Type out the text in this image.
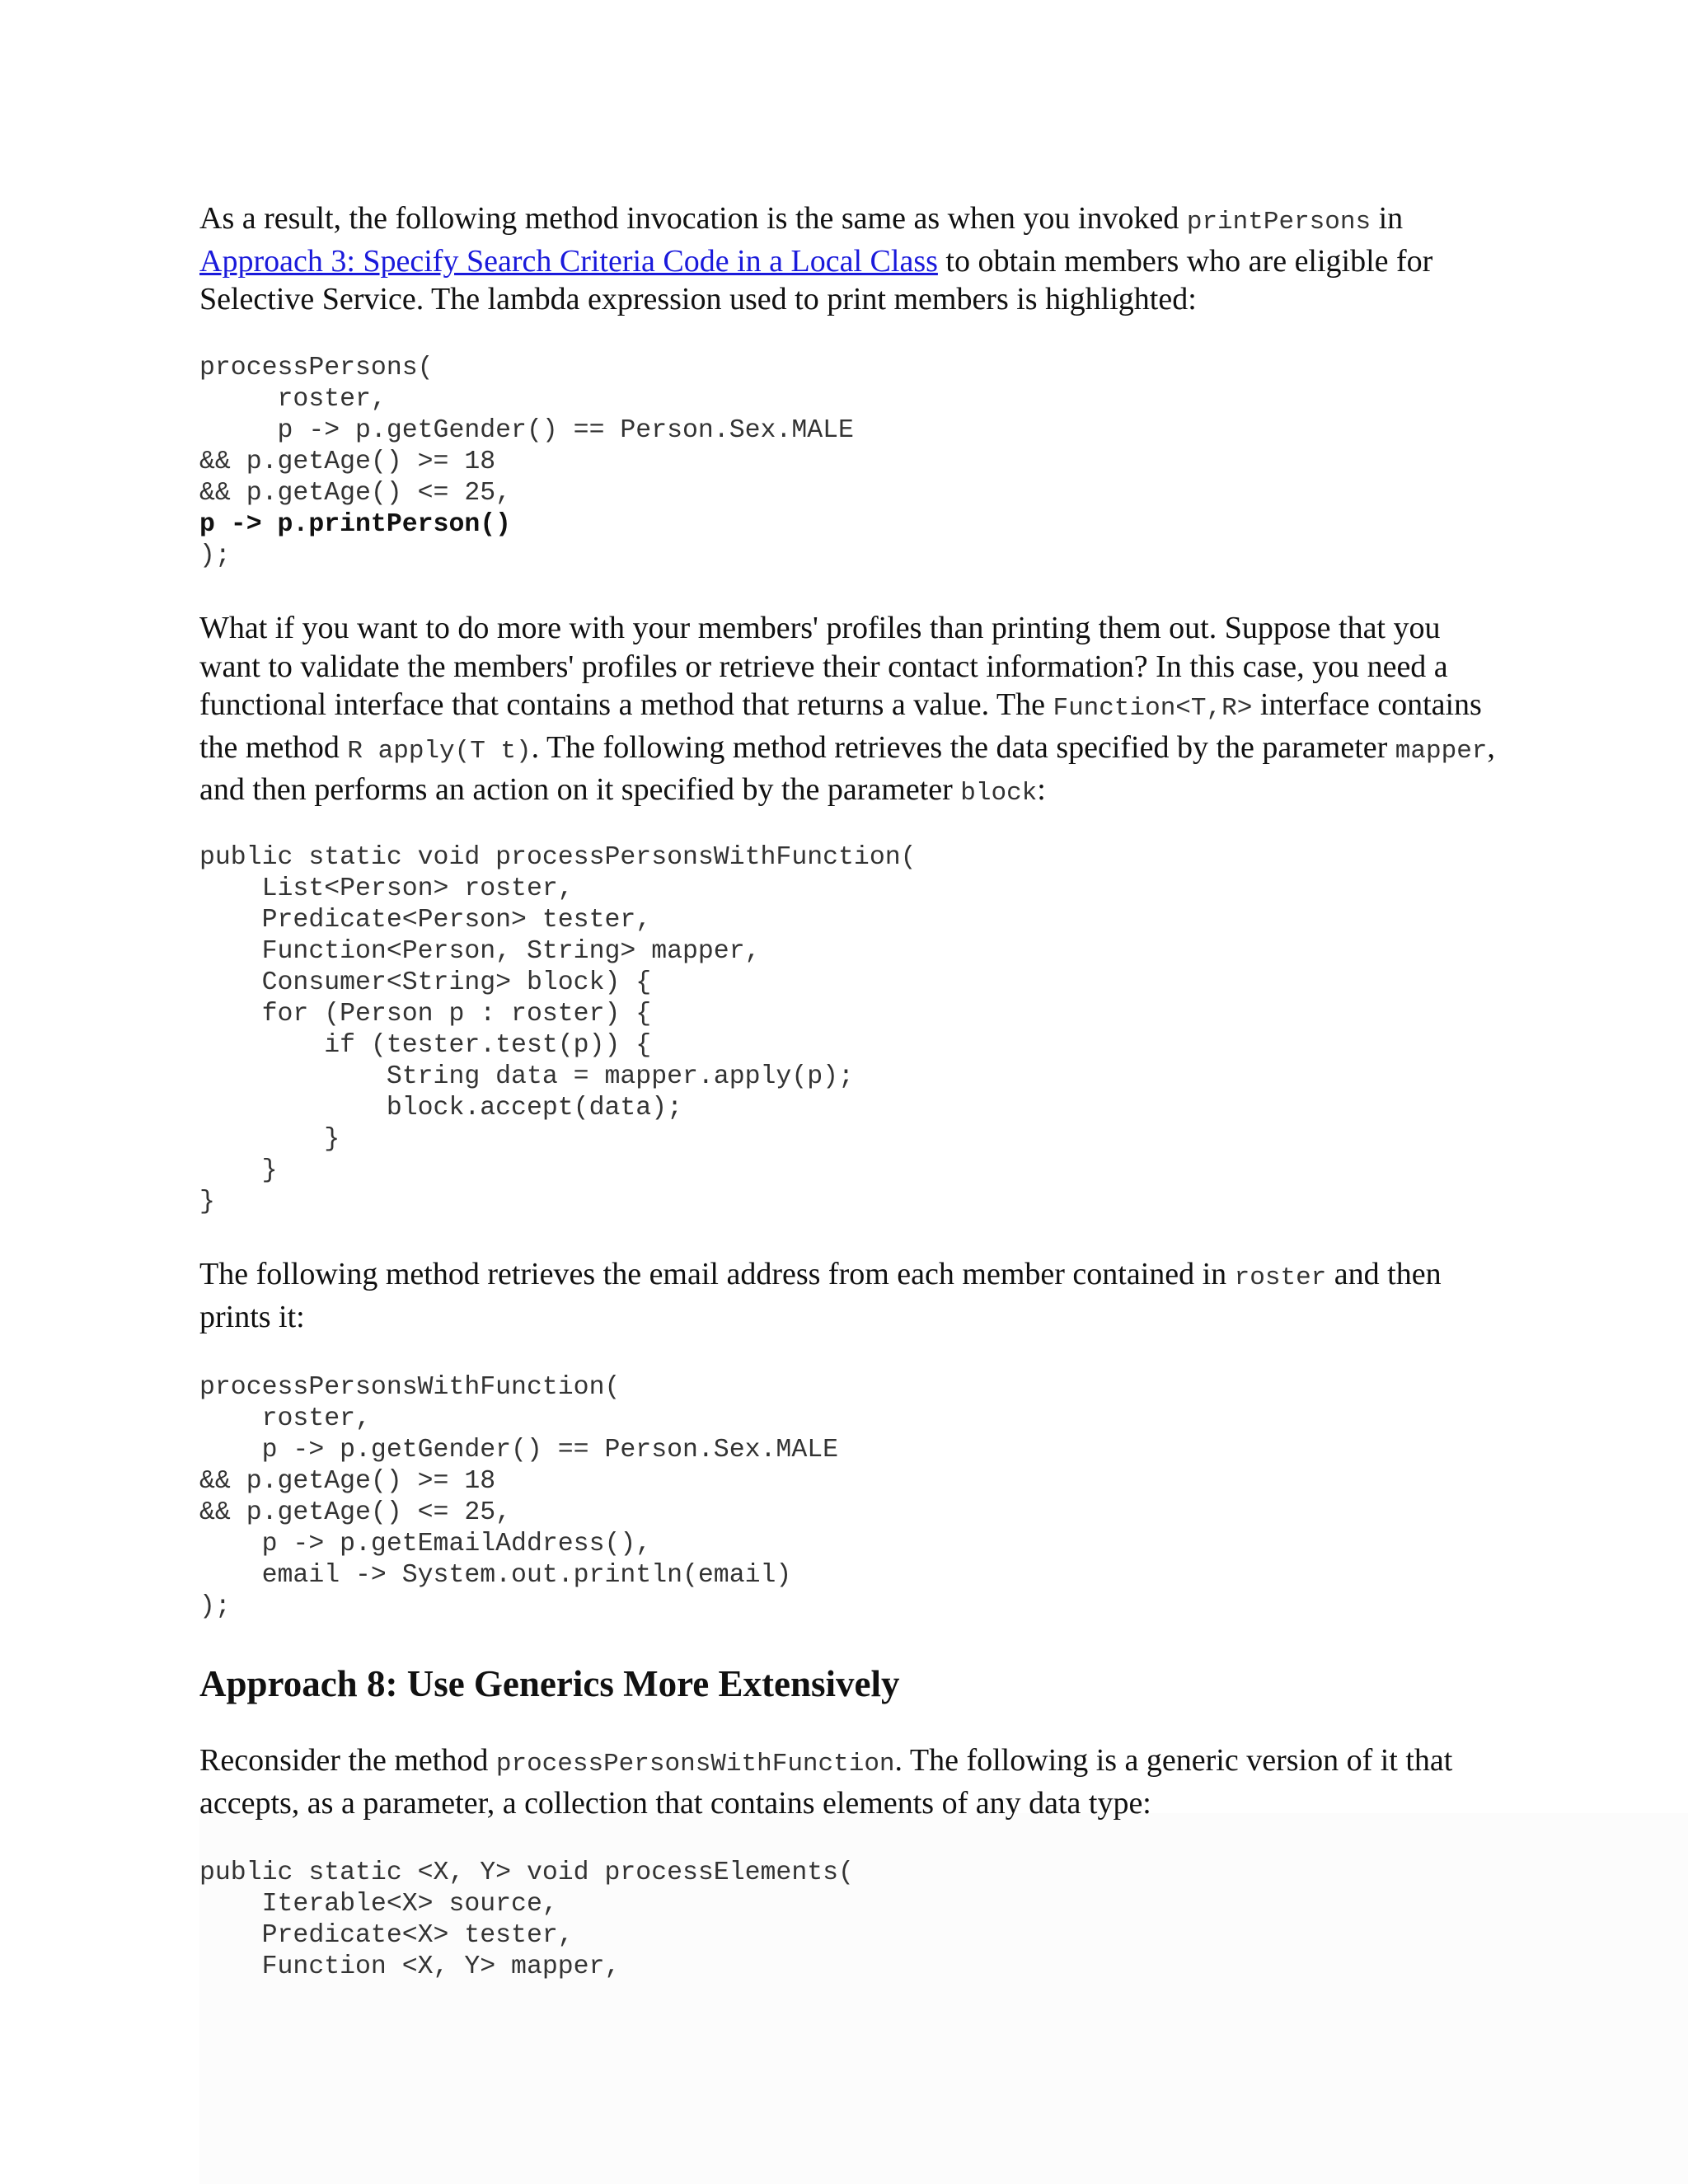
As a result, the following method invocation is the same as when you invoked printPersons in Approach 3: Specify Search Criteria Code in a Local Class to obtain members who are eligible for Selective Service. The lambda expression used to print members is highlighted:

processPersons(
roster,
p -> p.getGender() == Person.Sex.MALE
&& p.getAge() >= 18
&& p.getAge() <= 25,
p -> p.printPerson()
);

What if you want to do more with your members' profiles than printing them out. Suppose that you want to validate the members' profiles or retrieve their contact information? In this case, you need a functional interface that contains a method that returns a value. The Function<T,R> interface contains the method R apply(T t). The following method retrieves the data specified by the parameter mapper, and then performs an action on it specified by the parameter block:

public static void processPersonsWithFunction(
List<Person> roster,
Predicate<Person> tester,
Function<Person, String> mapper,
Consumer<String> block) {
for (Person p : roster) {
if (tester.test(p)) {
String data = mapper.apply(p);
block.accept(data);
}
}
}

The following method retrieves the email address from each member contained in roster and then prints it:

processPersonsWithFunction(
roster,
p -> p.getGender() == Person.Sex.MALE
&& p.getAge() >= 18
&& p.getAge() <= 25,
p -> p.getEmailAddress(),
email -> System.out.println(email)
);
Approach 8: Use Generics More Extensively

Reconsider the method processPersonsWithFunction. The following is a generic version of it that accepts, as a parameter, a collection that contains elements of any data type:

public static <X, Y> void processElements(
Iterable<X> source,
Predicate<X> tester,
Function <X, Y> mapper,
